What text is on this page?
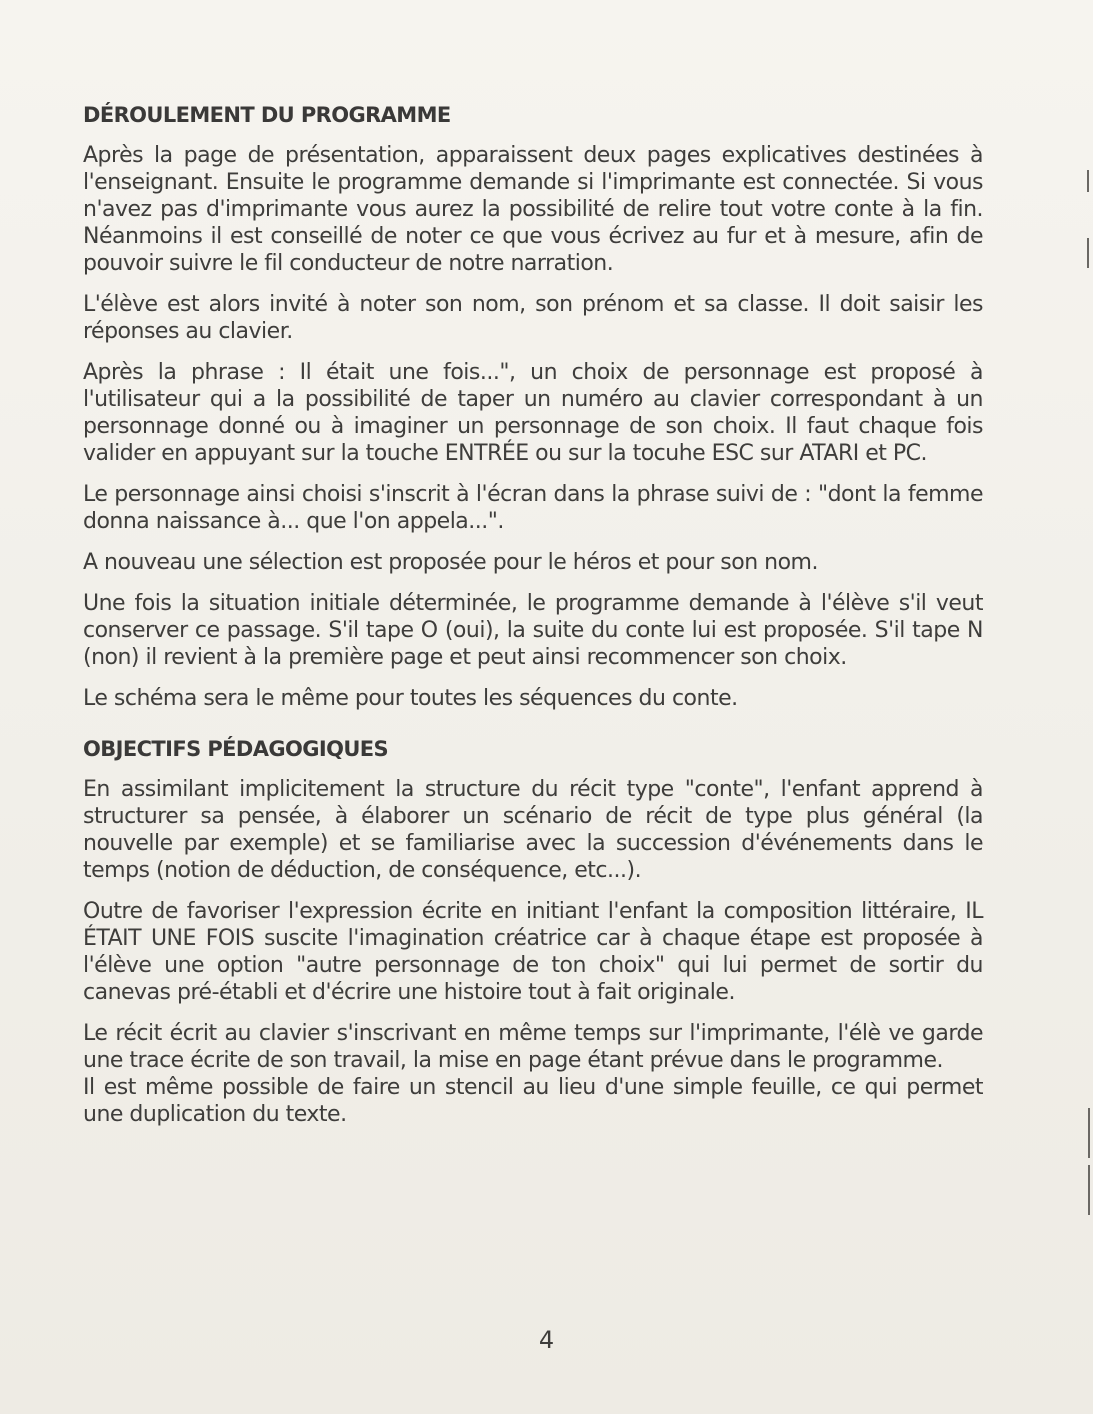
DÉROULEMENT DU PROGRAMME

Après la page de présentation, apparaissent deux pages explicatives destinées à l'enseignant. Ensuite le programme demande si l'imprimante est connectée. Si vous n'avez pas d'imprimante vous aurez la possibilité de relire tout votre conte à la fin. Néanmoins il est conseillé de noter ce que vous écrivez au fur et à mesure, afin de pouvoir suivre le fil conducteur de notre narration.

L'élève est alors invité à noter son nom, son prénom et sa classe. Il doit saisir les réponses au clavier.

Après la phrase : Il était une fois...", un choix de personnage est proposé à l'utilisateur qui a la possibilité de taper un numéro au clavier correspondant à un personnage donné ou à imaginer un personnage de son choix. Il faut chaque fois valider en appuyant sur la touche ENTRÉE ou sur la tocuhe ESC sur ATARI et PC.

Le personnage ainsi choisi s'inscrit à l'écran dans la phrase suivi de : "dont la femme donna naissance à... que l'on appela...".

A nouveau une sélection est proposée pour le héros et pour son nom.

Une fois la situation initiale déterminée, le programme demande à l'élève s'il veut conserver ce passage. S'il tape O (oui), la suite du conte lui est proposée. S'il tape N (non) il revient à la première page et peut ainsi recommencer son choix.

Le schéma sera le même pour toutes les séquences du conte.

OBJECTIFS PÉDAGOGIQUES

En assimilant implicitement la structure du récit type "conte", l'enfant apprend à structurer sa pensée, à élaborer un scénario de récit de type plus général (la nouvelle par exemple) et se familiarise avec la succession d'événements dans le temps (notion de déduction, de conséquence, etc...).

Outre de favoriser l'expression écrite en initiant l'enfant la composition littéraire, IL ÉTAIT UNE FOIS suscite l'imagination créatrice car à chaque étape est proposée à l'élève une option "autre personnage de ton choix" qui lui permet de sortir du canevas pré-établi et d'écrire une histoire tout à fait originale.

Le récit écrit au clavier s'inscrivant en même temps sur l'imprimante, l'élè ve garde une trace écrite de son travail, la mise en page étant prévue dans le programme.

Il est même possible de faire un stencil au lieu d'une simple feuille, ce qui permet une duplication du texte.

4
